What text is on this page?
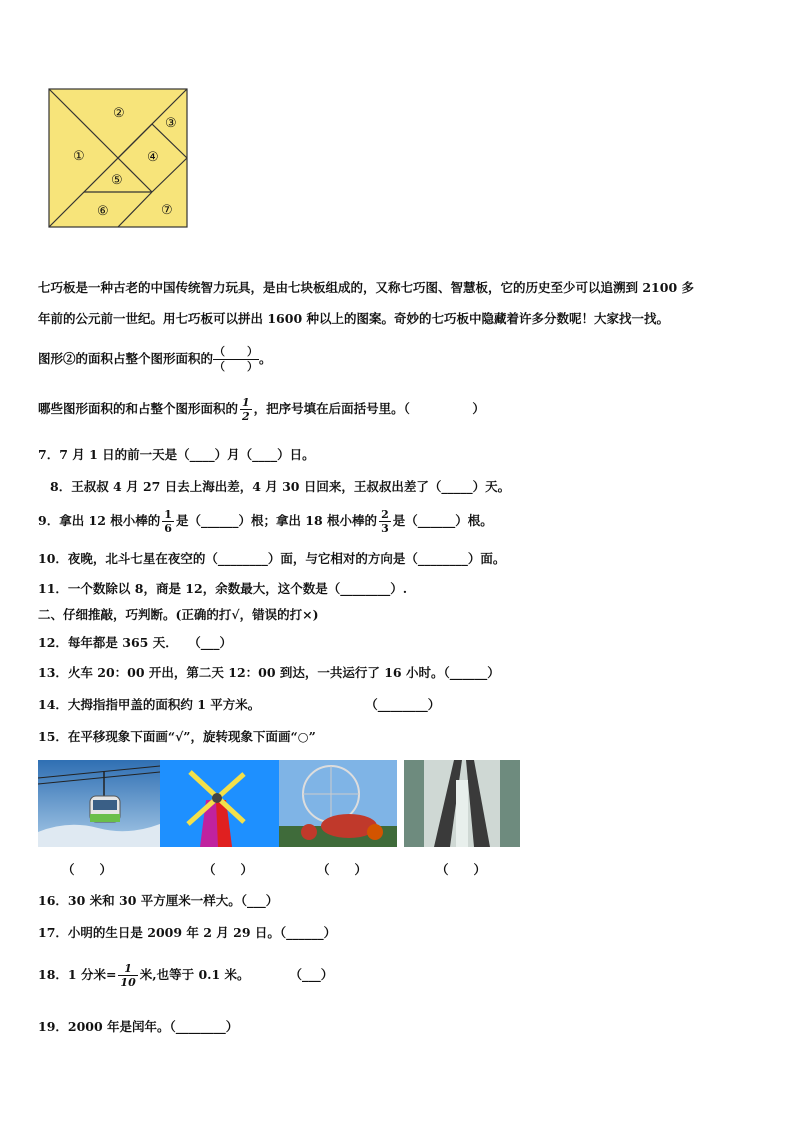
①
②
③
④
⑤
⑥	⑦
七巧板是一种古老的中国传统智力玩具，是由七块板组成的，又称七巧图、智慧板，它的历史至少可以追溯到 2100 多
年前的公元前一世纪。用七巧板可以拼出 1600 种以上的图案。奇妙的七巧板中隐藏着许多分数呢！大家找一找。
图形②的面积占整个图形面积的 $\frac{( )}{( )}$。
哪些图形面积的和占整个图形面积的 $\frac{1}{2}$ ，把序号填在后面括号里。（　　　　　）
7．7 月 1 日的前一天是（____）月（____）日。
8．王叔叔 4 月 27 日去上海出差，4 月 30 日回来，王叔叔出差了（_____）天。
9．拿出 12 根小棒的 $\frac{1}{6}$ 是（______）根；拿出 18 根小棒的 $\frac{2}{3}$ 是（______）根。
10．夜晚，北斗七星在夜空的（________）面，与它相对的方向是（________）面。
11．一个数除以 8，商是 12，余数最大，这个数是（________）.
二、仔细推敲，巧判断。(正确的打√，错误的打×)
12．每年都是 365 天．　 （___）
13．火车 20：00 开出，第二天 12：00 到达，一共运行了 16 小时。（______）
14．大拇指指甲盖的面积约 1 平方米。	（________）
15．在平移现象下面画“√”，旋转现象下面画“○”
（　　）	（　　）	（　　）	（　　）
16．30 米和 30 平方厘米一样大。（___）
17．小明的生日是 2009 年 2 月 29 日。（______）
18．1 分米= $\frac{1}{10}$ 米,也等于 0.1 米。	（___）
19．2000 年是闰年。（________）
